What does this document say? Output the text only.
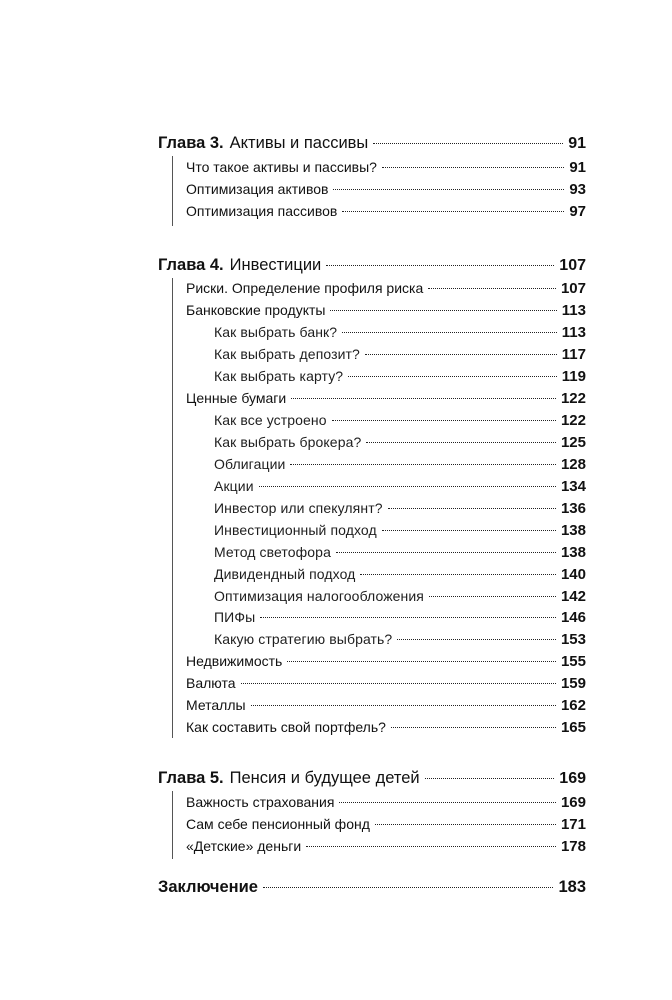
Глава 3. Активы и пассивы	91
Что такое активы и пассивы?	91
Оптимизация активов	93
Оптимизация пассивов	97
Глава 4. Инвестиции	107
Риски. Определение профиля риска	107
Банковские продукты	113
Как выбрать банк?	113
Как выбрать депозит?	117
Как выбрать карту?	119
Ценные бумаги	122
Как все устроено	122
Как выбрать брокера?	125
Облигации	128
Акции	134
Инвестор или спекулянт?	136
Инвестиционный подход	138
Метод светофора	138
Дивидендный подход	140
Оптимизация налогообложения	142
ПИФы	146
Какую стратегию выбрать?	153
Недвижимость	155
Валюта	159
Металлы	162
Как составить свой портфель?	165
Глава 5. Пенсия и будущее детей	169
Важность страхования	169
Сам себе пенсионный фонд	171
«Детские» деньги	178
Заключение	183
